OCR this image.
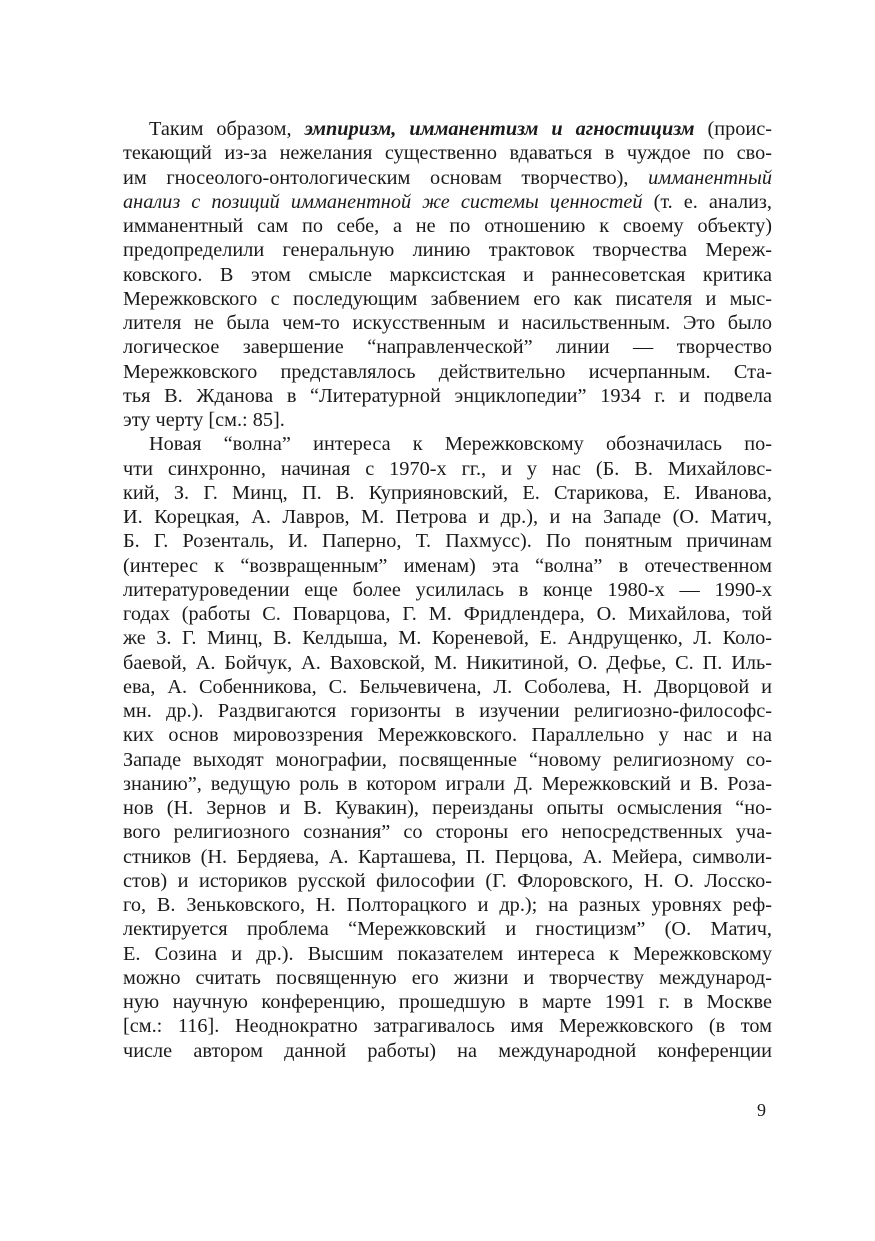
Таким образом, эмпиризм, имманентизм и агностицизм (проис-
текающий из-за нежелания существенно вдаваться в чуждое по сво-
им гносеолого-онтологическим основам творчество), имманентный
анализ с позиций имманентной же системы ценностей (т. е. анализ,
имманентный сам по себе, а не по отношению к своему объекту)
предопределили генеральную линию трактовок творчества Мереж-
ковского. В этом смысле марксистская и раннесоветская критика
Мережковского с последующим забвением его как писателя и мыс-
лителя не была чем-то искусственным и насильственным. Это было
логическое завершение “направленческой” линии — творчество
Мережковского представлялось действительно исчерпанным. Ста-
тья В. Жданова в “Литературной энциклопедии” 1934 г. и подвела
эту черту [см.: 85].
Новая “волна” интереса к Мережковскому обозначилась по-
чти синхронно, начиная с 1970-х гг., и у нас (Б. В. Михайловс-
кий, З. Г. Минц, П. В. Куприяновский, Е. Старикова, Е. Иванова,
И. Корецкая, А. Лавров, М. Петрова и др.), и на Западе (О. Матич,
Б. Г. Розенталь, И. Паперно, Т. Пахмусс). По понятным причинам
(интерес к “возвращенным” именам) эта “волна” в отечественном
литературоведении еще более усилилась в конце 1980-х — 1990-х
годах (работы С. Поварцова, Г. М. Фридлендера, О. Михайлова, той
же З. Г. Минц, В. Келдыша, М. Кореневой, Е. Андрущенко, Л. Коло-
баевой, А. Бойчук, А. Ваховской, М. Никитиной, О. Дефье, С. П. Иль-
ева, А. Собенникова, С. Бельчевичена, Л. Соболева, Н. Дворцовой и
мн. др.). Раздвигаются горизонты в изучении религиозно-философс-
ких основ мировоззрения Мережковского. Параллельно у нас и на
Западе выходят монографии, посвященные “новому религиозному со-
знанию”, ведущую роль в котором играли Д. Мережковский и В. Роза-
нов (Н. Зернов и В. Кувакин), переизданы опыты осмысления “но-
вого религиозного сознания” со стороны его непосредственных уча-
стников (Н. Бердяева, А. Карташева, П. Перцова, А. Мейера, символи-
стов) и историков русской философии (Г. Флоровского, Н. О. Лосско-
го, В. Зеньковского, Н. Полторацкого и др.); на разных уровнях реф-
лектируется проблема “Мережковский и гностицизм” (О. Матич,
Е. Созина и др.). Высшим показателем интереса к Мережковскому
можно считать посвященную его жизни и творчеству международ-
ную научную конференцию, прошедшую в марте 1991 г. в Москве
[см.: 116]. Неоднократно затрагивалось имя Мережковского (в том
числе автором данной работы) на международной конференции
9
